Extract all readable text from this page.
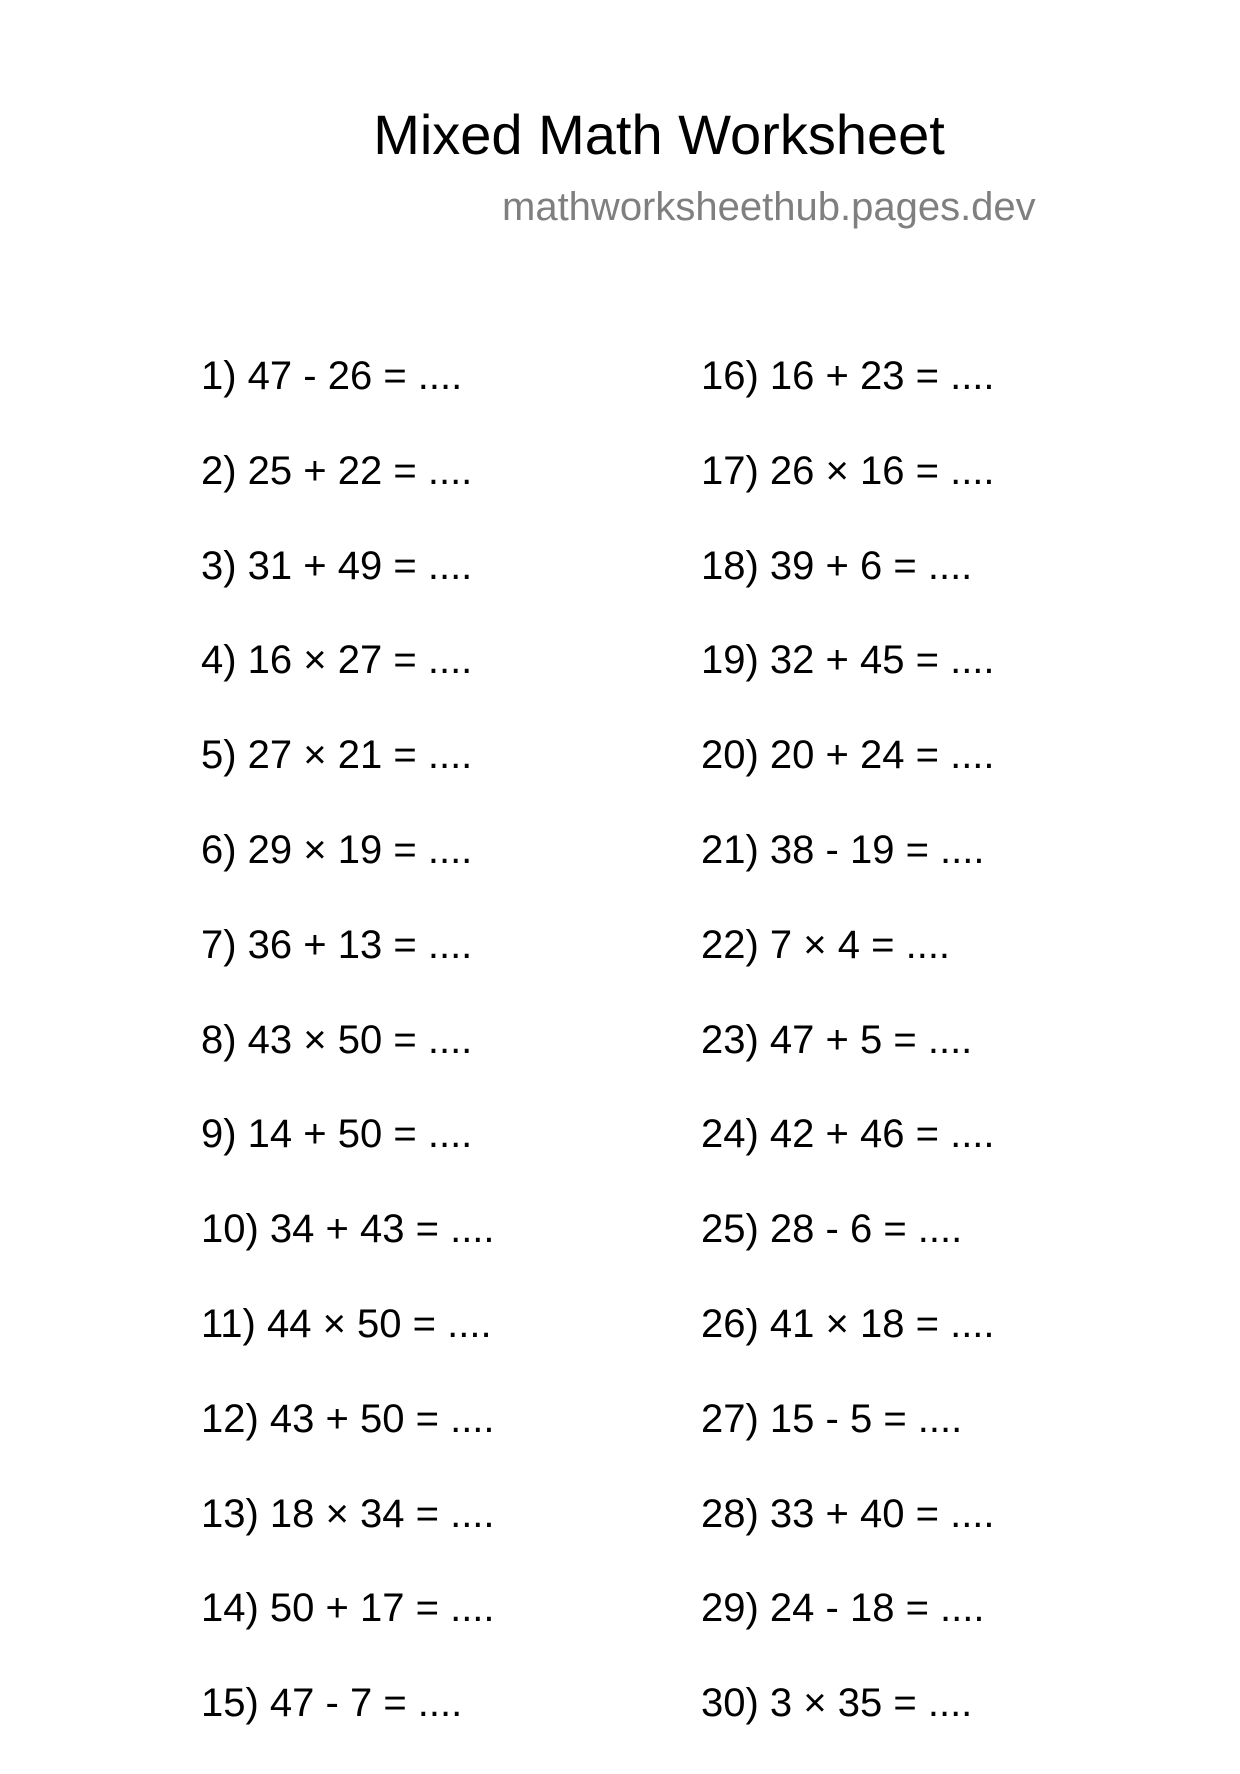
Mixed Math Worksheet
mathworksheethub.pages.dev
1) 47 - 26 = ....
2) 25 + 22 = ....
3) 31 + 49 = ....
4) 16 × 27 = ....
5) 27 × 21 = ....
6) 29 × 19 = ....
7) 36 + 13 = ....
8) 43 × 50 = ....
9) 14 + 50 = ....
10) 34 + 43 = ....
11) 44 × 50 = ....
12) 43 + 50 = ....
13) 18 × 34 = ....
14) 50 + 17 = ....
15) 47 - 7 = ....
16) 16 + 23 = ....
17) 26 × 16 = ....
18) 39 + 6 = ....
19) 32 + 45 = ....
20) 20 + 24 = ....
21) 38 - 19 = ....
22) 7 × 4 = ....
23) 47 + 5 = ....
24) 42 + 46 = ....
25) 28 - 6 = ....
26) 41 × 18 = ....
27) 15 - 5 = ....
28) 33 + 40 = ....
29) 24 - 18 = ....
30) 3 × 35 = ....
